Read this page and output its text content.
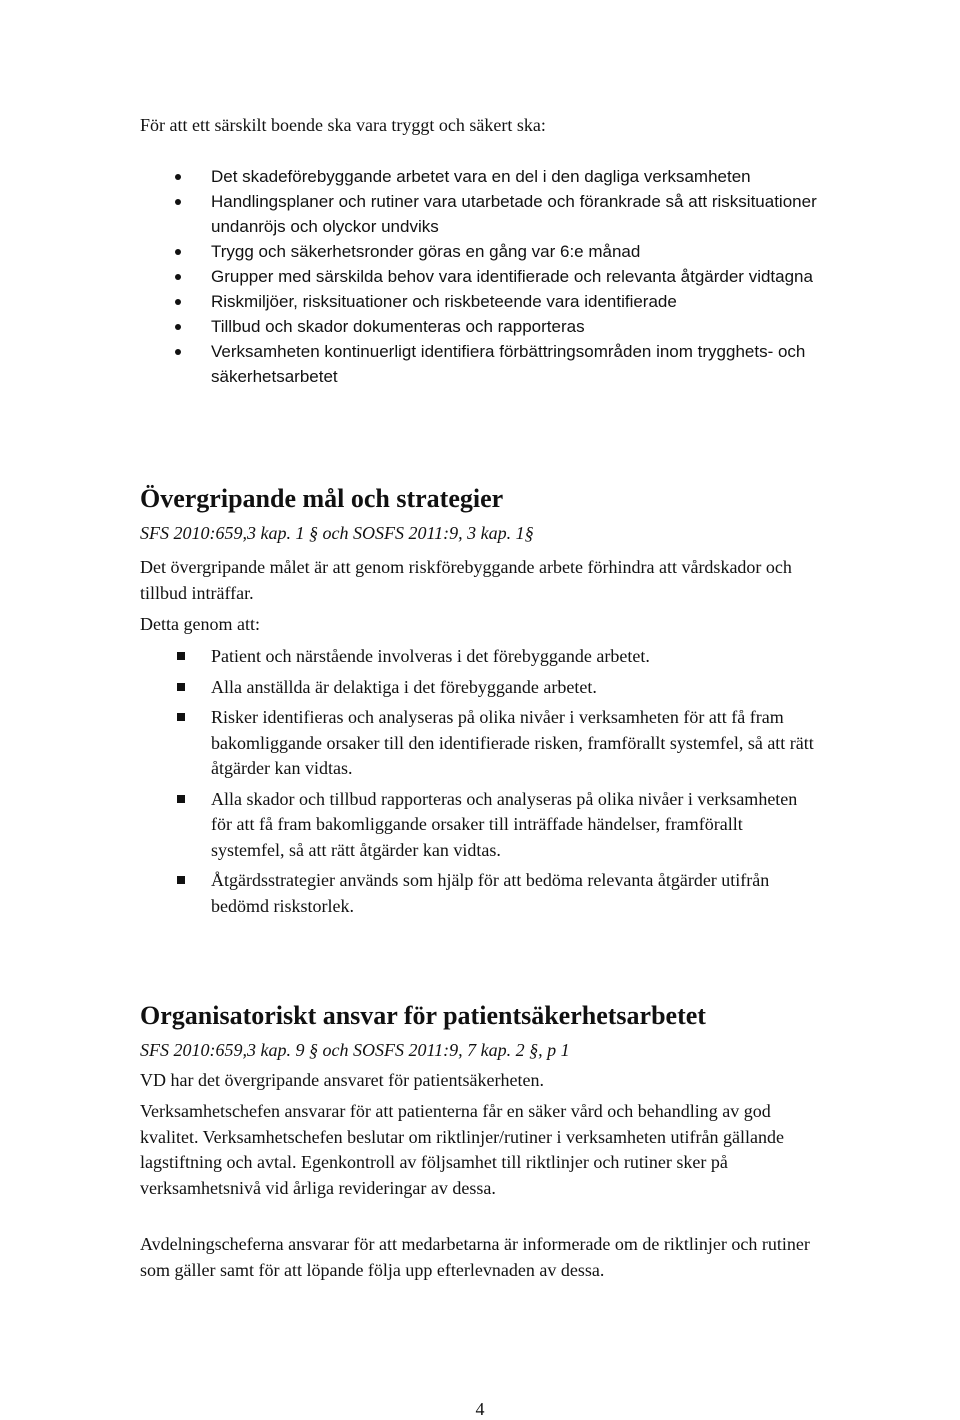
För att ett särskilt boende ska vara tryggt och säkert ska:

Det skadeförebyggande arbetet vara en del i den dagliga verksamheten
Handlingsplaner och rutiner vara utarbetade och förankrade så att risksituationer undanröjs och olyckor undviks
Trygg och säkerhetsronder göras en gång var 6:e månad
Grupper med särskilda behov vara identifierade och relevanta åtgärder vidtagna
Riskmiljöer, risksituationer och riskbeteende vara identifierade
Tillbud och skador dokumenteras och rapporteras
Verksamheten kontinuerligt identifiera förbättringsområden inom trygghets- och säkerhetsarbetet
Övergripande mål och strategier

SFS 2010:659,3 kap. 1 § och SOSFS 2011:9, 3 kap. 1§

Det övergripande målet är att genom riskförebyggande arbete förhindra att vårdskador och tillbud inträffar.

Detta genom att:

Patient och närstående involveras i det förebyggande arbetet.
Alla anställda är delaktiga i det förebyggande arbetet.
Risker identifieras och analyseras på olika nivåer i verksamheten för att få fram bakomliggande orsaker till den identifierade risken, framförallt systemfel, så att rätt åtgärder kan vidtas.
Alla skador och tillbud rapporteras och analyseras på olika nivåer i verksamheten för att få fram bakomliggande orsaker till inträffade händelser, framförallt systemfel, så att rätt åtgärder kan vidtas.
Åtgärdsstrategier används som hjälp för att bedöma relevanta åtgärder utifrån bedömd riskstorlek.
Organisatoriskt ansvar för patientsäkerhetsarbetet

SFS 2010:659,3 kap. 9 § och SOSFS 2011:9, 7 kap. 2 §, p 1

VD har det övergripande ansvaret för patientsäkerheten.

Verksamhetschefen ansvarar för att patienterna får en säker vård och behandling av god kvalitet. Verksamhetschefen beslutar om riktlinjer/rutiner i verksamheten utifrån gällande lagstiftning och avtal. Egenkontroll av följsamhet till riktlinjer och rutiner sker på verksamhetsnivå vid årliga revideringar av dessa.

Avdelningscheferna ansvarar för att medarbetarna är informerade om de riktlinjer och rutiner som gäller samt för att löpande följa upp efterlevnaden av dessa.

4
